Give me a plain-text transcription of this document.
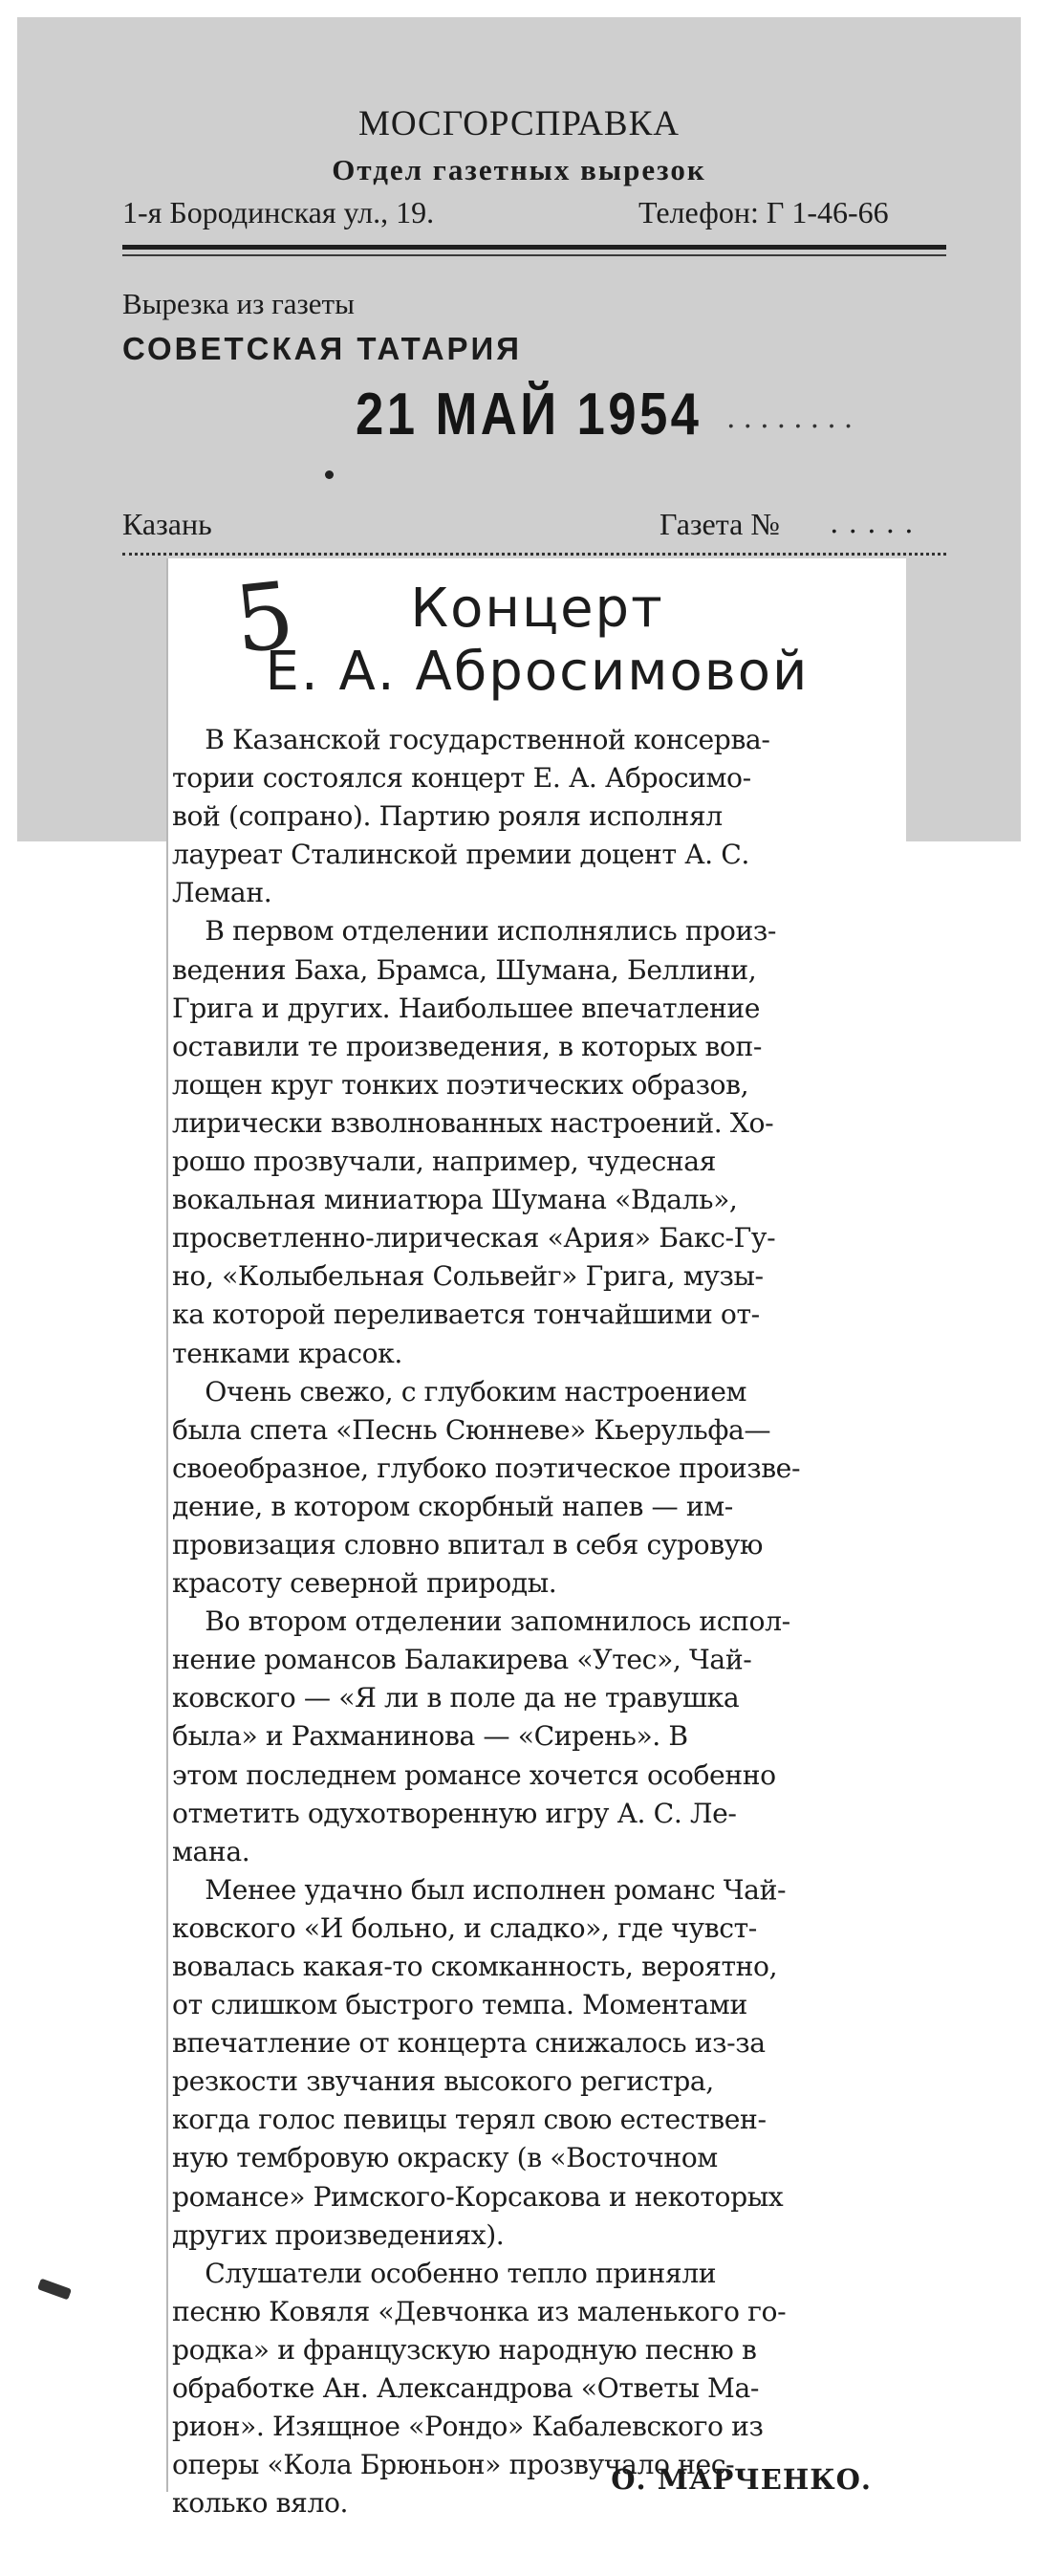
МОСГОРСПРАВКА
Отдел газетных вырезок
1-я Бородинская ул., 19.	Телефон: Г 1-46-66
Вырезка из газеты
СОВЕТСКАЯ ТАТАРИЯ
21 МАЙ 1954 ........
Казань	Газета № .....
5	Концерт
Е. А. Абросимовой

В Казанской государственной консерва-

тории состоялся концерт Е. А. Абросимо-

вой (сопрано). Партию рояля исполнял

лауреат Сталинской премии доцент А. С.

Леман.

В первом отделении исполнялись произ-

ведения Баха, Брамса, Шумана, Беллини,

Грига и других. Наибольшее впечатление

оставили те произведения, в которых воп-

лощен круг тонких поэтических образов,

лирически взволнованных настроений. Хо-

рошо прозвучали, например, чудесная

вокальная миниатюра Шумана «Вдаль»,

просветленно-лирическая «Ария» Бакс-Гу-

но, «Колыбельная Сольвейг» Грига, музы-

ка которой переливается тончайшими от-

тенками красок.

Очень свежо, с глубоким настроением

была спета «Песнь Сюнневе» Кьерульфа—

своеобразное, глубоко поэтическое произве-

дение, в котором скорбный напев — им-

провизация словно впитал в себя суровую

красоту северной природы.

Во втором отделении запомнилось испол-

нение романсов Балакирева «Утес», Чай-

ковского — «Я ли в поле да не травушка

была» и Рахманинова — «Сирень». В

этом последнем романсе хочется особенно

отметить одухотворенную игру А. С. Ле-

мана.

Менее удачно был исполнен романс Чай-

ковского «И больно, и сладко», где чувст-

вовалась какая-то скомканность, вероятно,

от слишком быстрого темпа. Моментами

впечатление от концерта снижалось из-за

резкости звучания высокого регистра,

когда голос певицы терял свою естествен-

ную тембровую окраску (в «Восточном

романсе» Римского-Корсакова и некоторых

других произведениях).

Слушатели особенно тепло приняли

песню Ковяля «Девчонка из маленького го-

родка» и французскую народную песню в

обработке Ан. Александрова «Ответы Ма-

рион». Изящное «Рондо» Кабалевского из

оперы «Кола Брюньон» прозвучало нес-

колько вяло.

О. МАРЧЕНКО.
